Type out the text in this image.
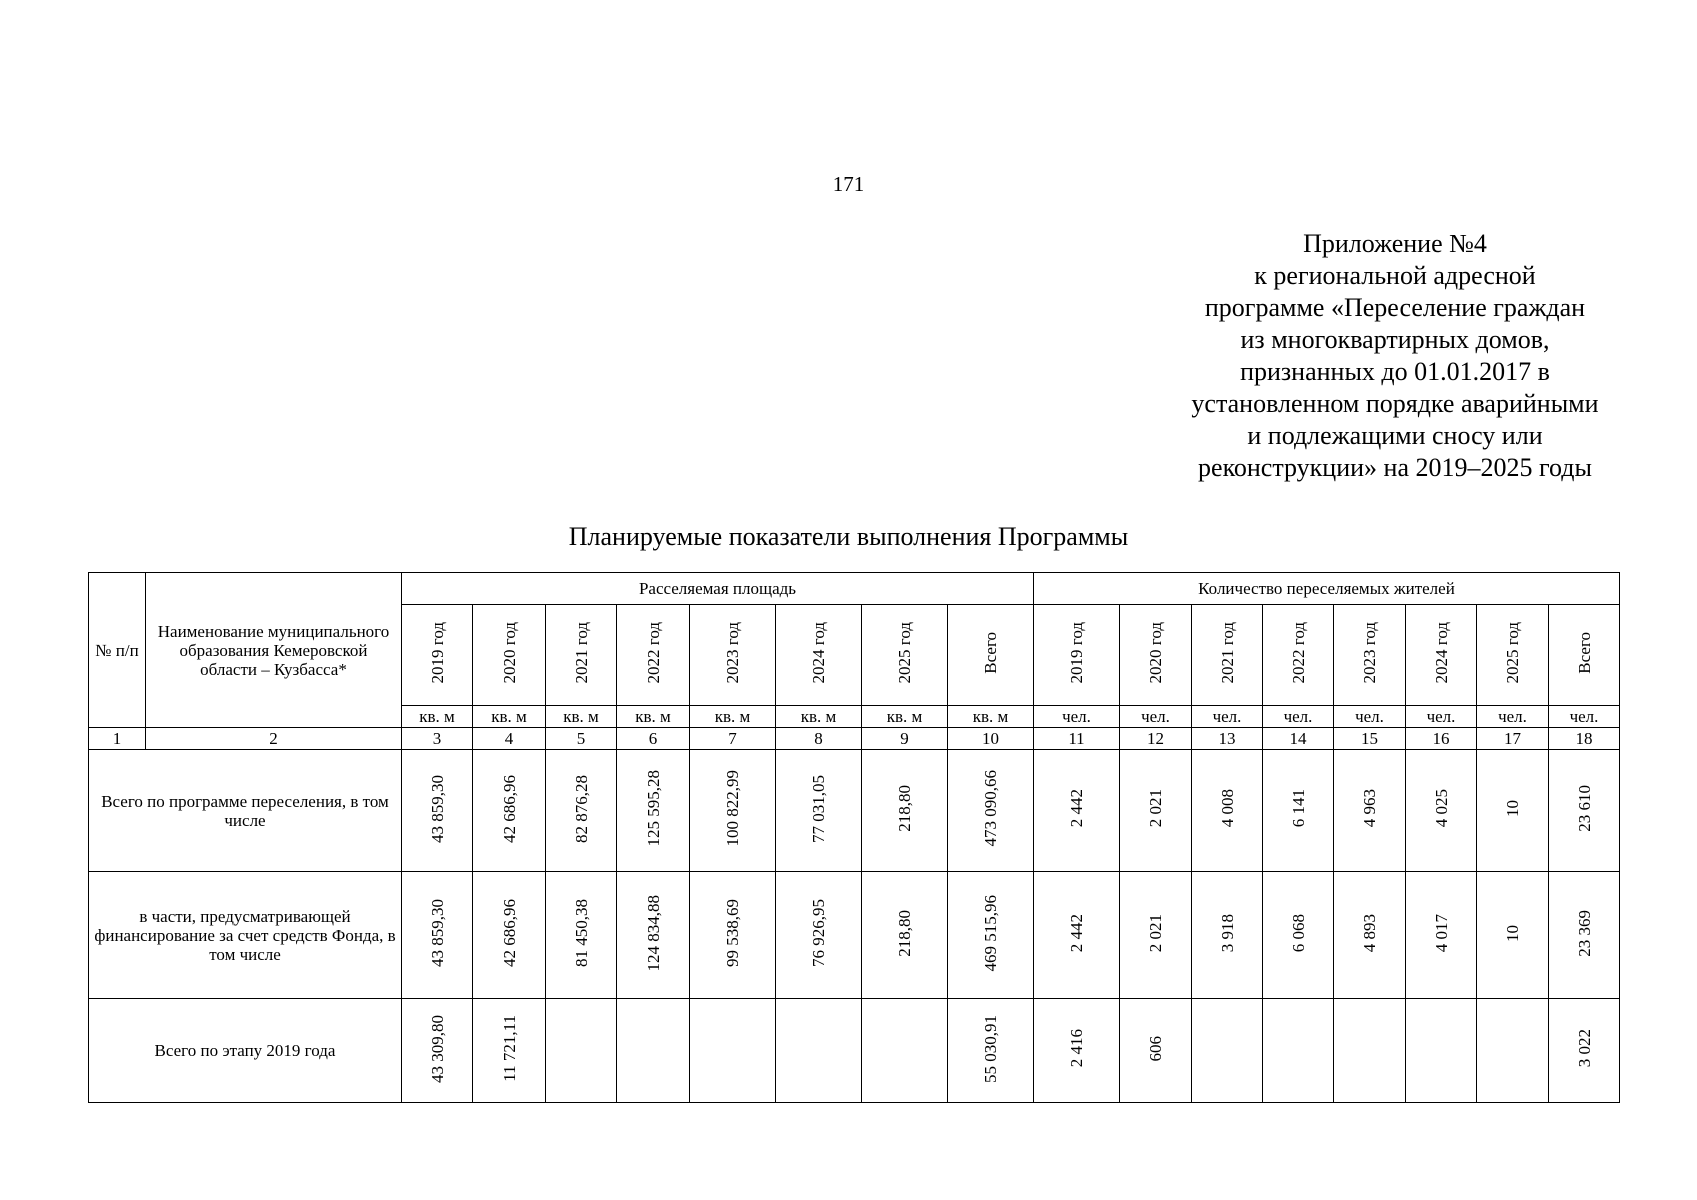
171
Приложение №4
к региональной адресной
программе «Переселение граждан
из многоквартирных домов,
признанных до 01.01.2017 в
установленном порядке аварийными
и подлежащими сносу или
реконструкции» на 2019–2025 годы
Планируемые показатели выполнения Программы
№ п/п	Наименование муниципального образования Кемеровской области – Кузбасса*	Расселяемая площадь								Количество переселяемых жителей							
		2019 год	2020 год	2021 год	2022 год	2023 год	2024 год	2025 год	Всего	2019 год	2020 год	2021 год	2022 год	2023 год	2024 год	2025 год	Всего
		кв. м	кв. м	кв. м	кв. м	кв. м	кв. м	кв. м	кв. м	чел.	чел.	чел.	чел.	чел.	чел.	чел.	чел.
1	2	3	4	5	6	7	8	9	10	11	12	13	14	15	16	17	18
Всего по программе переселения, в том числе		43 859,30	42 686,96	82 876,28	125 595,28	100 822,99	77 031,05	218,80	473 090,66	2 442	2 021	4 008	6 141	4 963	4 025	10	23 610
в части, предусматривающей финансирование за счет средств Фонда, в том числе		43 859,30	42 686,96	81 450,38	124 834,88	99 538,69	76 926,95	218,80	469 515,96	2 442	2 021	3 918	6 068	4 893	4 017	10	23 369
Всего по этапу 2019 года		43 309,80	11 721,11						55 030,91	2 416	606						3 022
